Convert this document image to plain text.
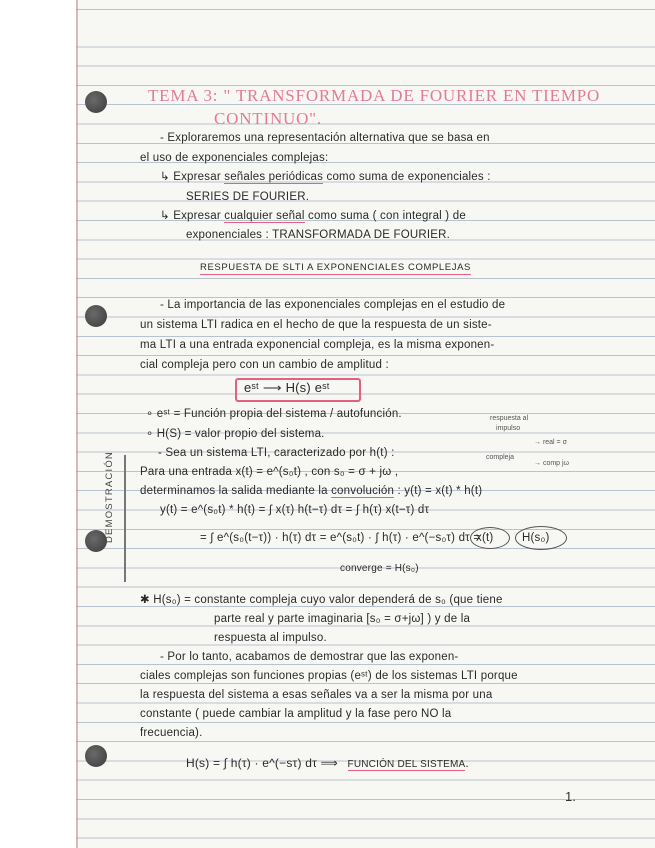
TEMA 3: " TRANSFORMADA DE FOURIER EN TIEMPO
CONTINUO".
- Exploraremos una representación alternativa que se basa en
el uso de exponenciales complejas:
↳ Expresar señales periódicas como suma de exponenciales :
SERIES DE FOURIER.
↳ Expresar cualquier señal como suma ( con integral ) de
exponenciales : TRANSFORMADA DE FOURIER.
RESPUESTA DE SLTI A EXPONENCIALES COMPLEJAS
- La importancia de las exponenciales complejas en el estudio de
un sistema LTI radica en el hecho de que la respuesta de un siste-
ma LTI a una entrada exponencial compleja, es la misma exponen-
cial compleja pero con un cambio de amplitud :
eˢᵗ ⟶ H(s) eˢᵗ
∘ eˢᵗ = Función propia del sistema / autofunción.
∘ H(S) = valor propio del sistema.
respuesta al
impulso
→ real = σ
compleja
→ comp jω
DEMOSTRACIÓN	- Sea un sistema LTI, caracterizado por h(t) :
Para una entrada x(t) = e^(s₀t) , con s₀ = σ + jω ,
determinamos la salida mediante la convolución : y(t) = x(t) * h(t)
y(t) = e^(s₀t) * h(t) = ∫ x(τ) h(t−τ) dτ = ∫ h(τ) x(t−τ) dτ
= ∫ e^(s₀(t−τ)) · h(τ) dτ = e^(s₀t) · ∫ h(τ) · e^(−s₀τ) dτ =
x(t) H(s₀)
converge = H(s₀)
✱ H(s₀) = constante compleja cuyo valor dependerá de s₀ (que tiene
parte real y parte imaginaria [s₀ = σ+jω] ) y de la
respuesta al impulso.
- Por lo tanto, acabamos de demostrar que las exponen-
ciales complejas son funciones propias (eˢᵗ) de los sistemas LTI porque
la respuesta del sistema a esas señales va a ser la misma por una
constante ( puede cambiar la amplitud y la fase pero NO la
frecuencia).
H(s) = ∫ h(τ) · e^(−sτ) dτ ⟹ FUNCIÓN DEL SISTEMA.
1.
